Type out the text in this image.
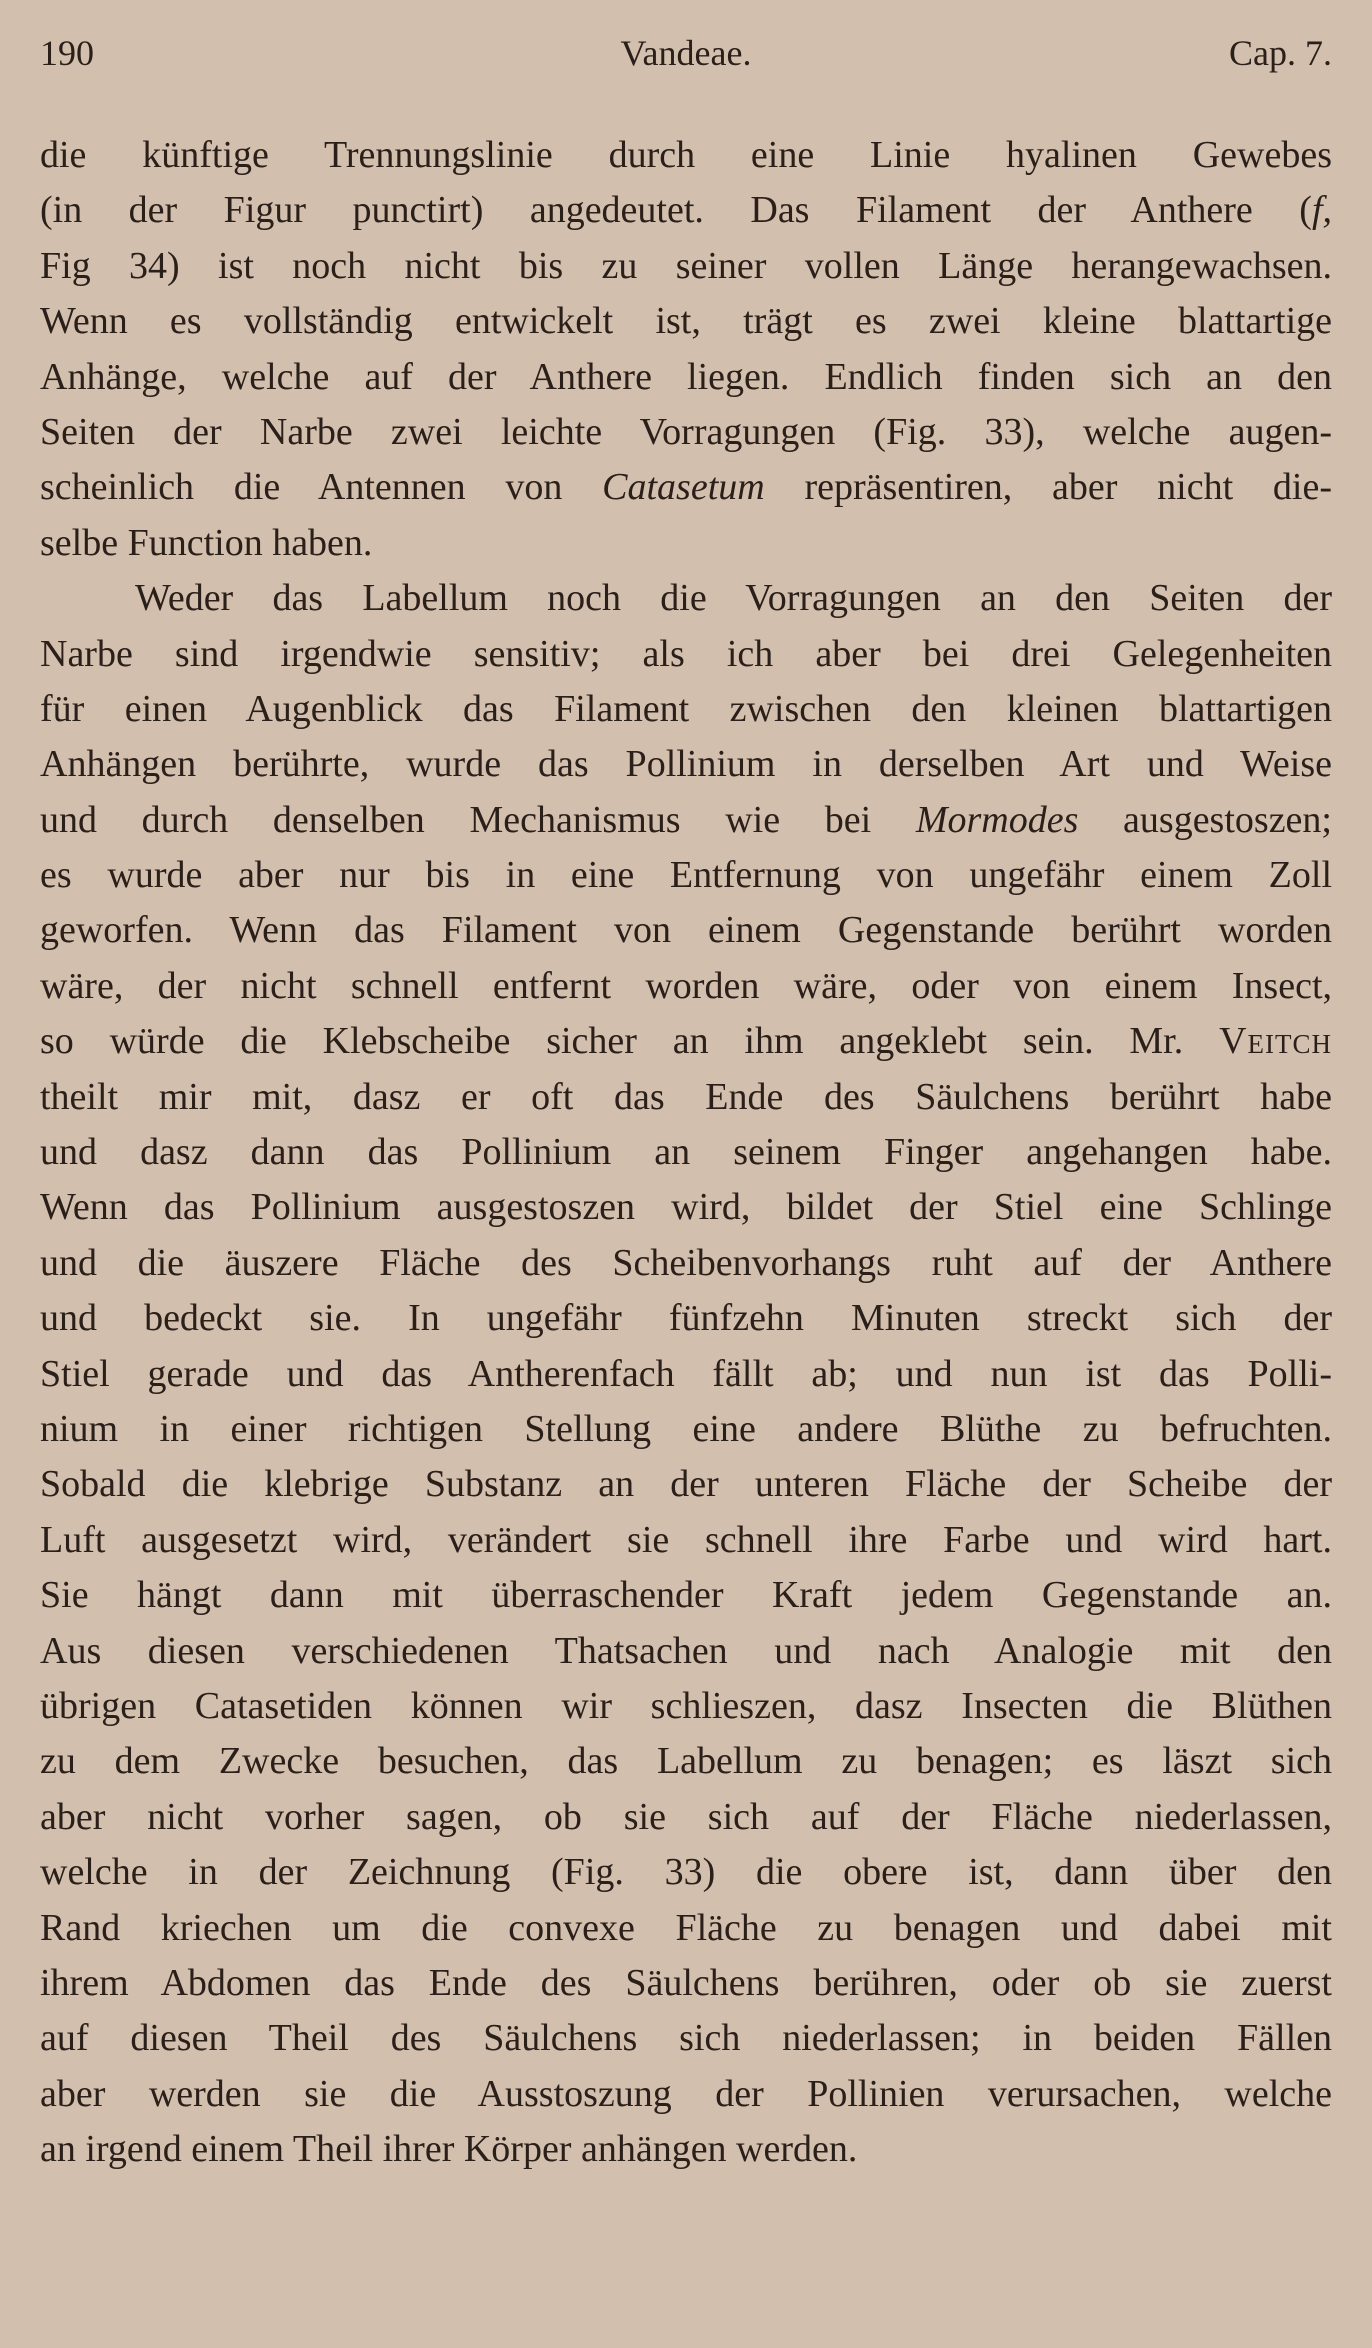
190	Vandeae.	Cap. 7.
die künftige Trennungslinie durch eine Linie hyalinen Gewebes
(in der Figur punctirt) angedeutet. Das Filament der Anthere (f,
Fig 34) ist noch nicht bis zu seiner vollen Länge herangewachsen.
Wenn es vollständig entwickelt ist, trägt es zwei kleine blattartige
Anhänge, welche auf der Anthere liegen. Endlich finden sich an den
Seiten der Narbe zwei leichte Vorragungen (Fig. 33), welche augen-
scheinlich die Antennen von Catasetum repräsentiren, aber nicht die-
selbe Function haben.
Weder das Labellum noch die Vorragungen an den Seiten der
Narbe sind irgendwie sensitiv; als ich aber bei drei Gelegenheiten
für einen Augenblick das Filament zwischen den kleinen blattartigen
Anhängen berührte, wurde das Pollinium in derselben Art und Weise
und durch denselben Mechanismus wie bei Mormodes ausgestoszen;
es wurde aber nur bis in eine Entfernung von ungefähr einem Zoll
geworfen. Wenn das Filament von einem Gegenstande berührt worden
wäre, der nicht schnell entfernt worden wäre, oder von einem Insect,
so würde die Klebscheibe sicher an ihm angeklebt sein. Mr. Veitch
theilt mir mit, dasz er oft das Ende des Säulchens berührt habe
und dasz dann das Pollinium an seinem Finger angehangen habe.
Wenn das Pollinium ausgestoszen wird, bildet der Stiel eine Schlinge
und die äuszere Fläche des Scheibenvorhangs ruht auf der Anthere
und bedeckt sie. In ungefähr fünfzehn Minuten streckt sich der
Stiel gerade und das Antherenfach fällt ab; und nun ist das Polli-
nium in einer richtigen Stellung eine andere Blüthe zu befruchten.
Sobald die klebrige Substanz an der unteren Fläche der Scheibe der
Luft ausgesetzt wird, verändert sie schnell ihre Farbe und wird hart.
Sie hängt dann mit überraschender Kraft jedem Gegenstande an.
Aus diesen verschiedenen Thatsachen und nach Analogie mit den
übrigen Catasetiden können wir schlieszen, dasz Insecten die Blüthen
zu dem Zwecke besuchen, das Labellum zu benagen; es läszt sich
aber nicht vorher sagen, ob sie sich auf der Fläche niederlassen,
welche in der Zeichnung (Fig. 33) die obere ist, dann über den
Rand kriechen um die convexe Fläche zu benagen und dabei mit
ihrem Abdomen das Ende des Säulchens berühren, oder ob sie zuerst
auf diesen Theil des Säulchens sich niederlassen; in beiden Fällen
aber werden sie die Ausstoszung der Pollinien verursachen, welche
an irgend einem Theil ihrer Körper anhängen werden.
